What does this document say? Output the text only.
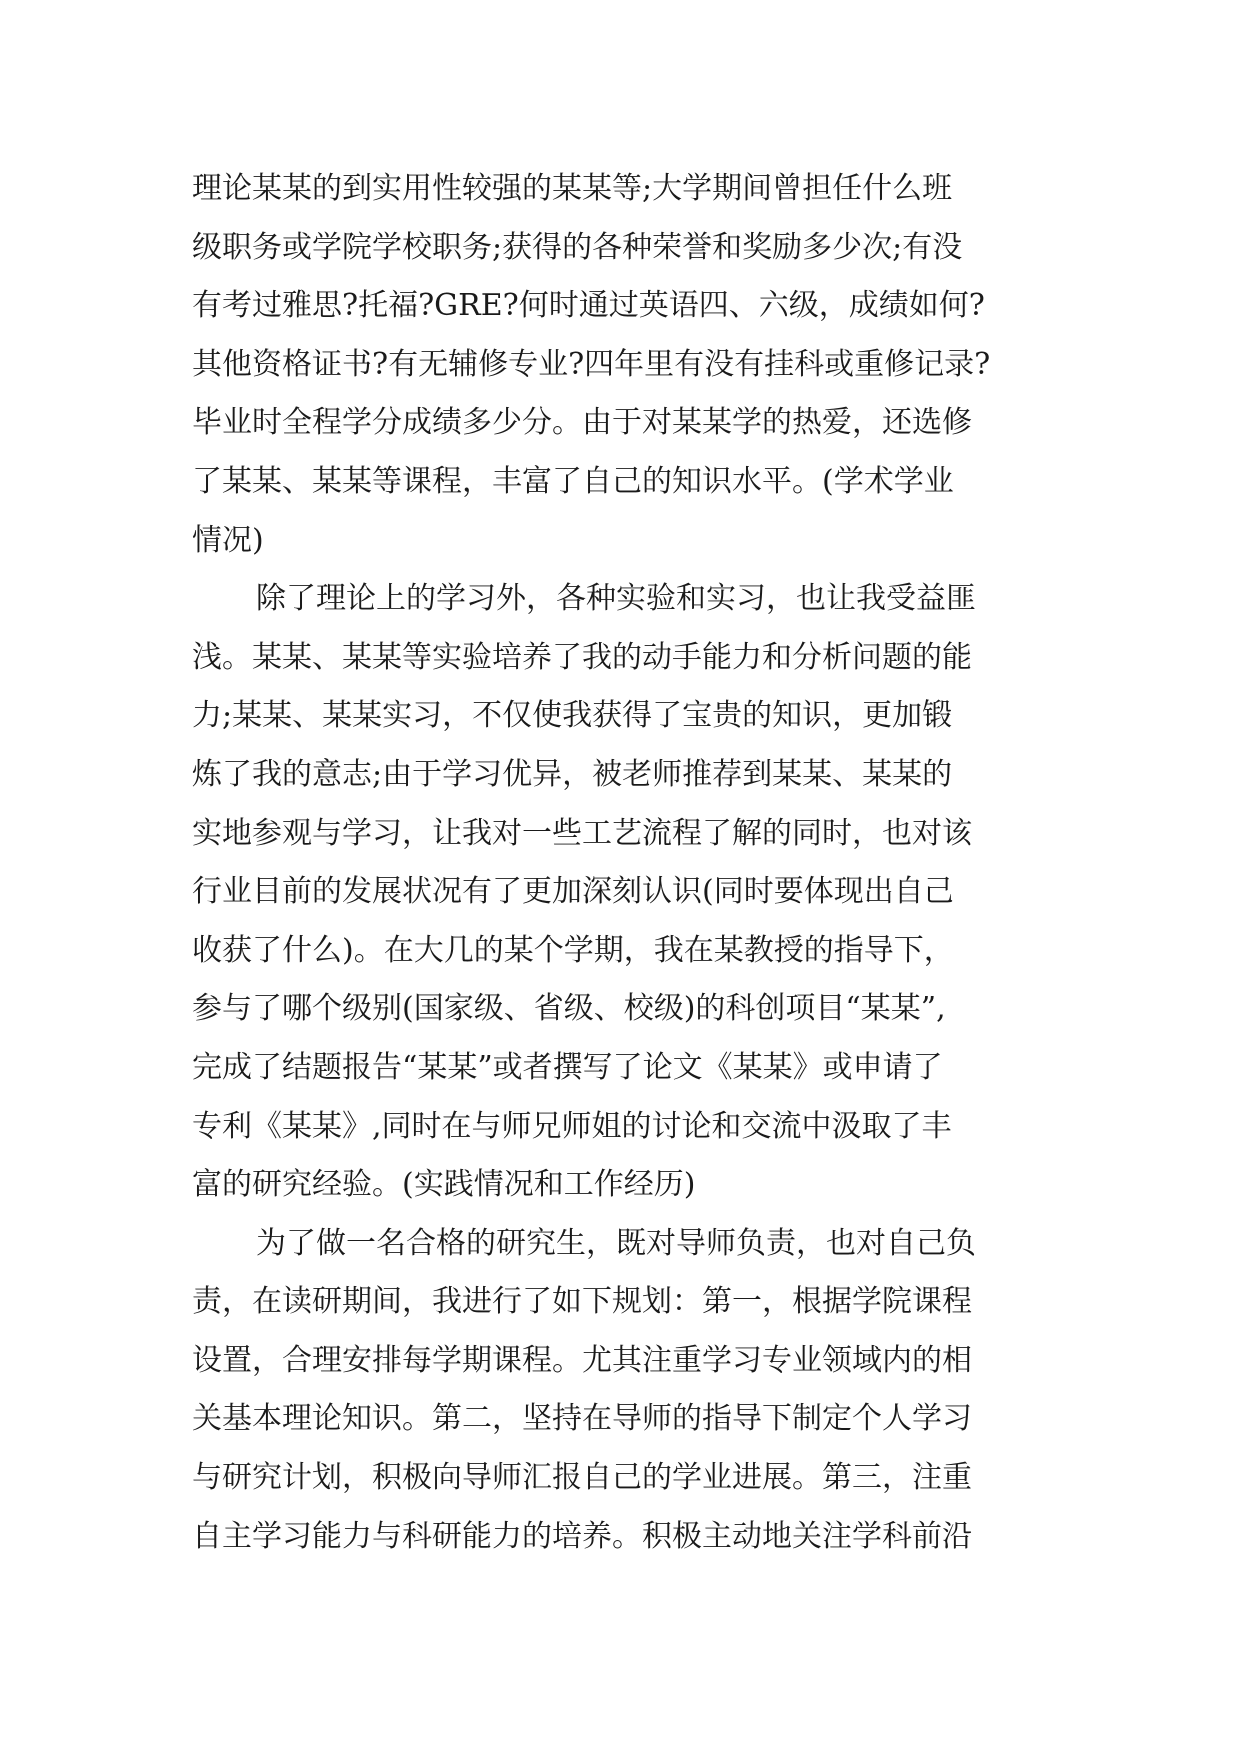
理论某某的到实用性较强的某某等;大学期间曾担任什么班
级职务或学院学校职务;获得的各种荣誉和奖励多少次;有没
有考过雅思?托福?GRE?何时通过英语四、六级，成绩如何?
其他资格证书?有无辅修专业?四年里有没有挂科或重修记录?
毕业时全程学分成绩多少分。由于对某某学的热爱，还选修
了某某、某某等课程，丰富了自己的知识水平。(学术学业
情况)
除了理论上的学习外，各种实验和实习，也让我受益匪
浅。某某、某某等实验培养了我的动手能力和分析问题的能
力;某某、某某实习，不仅使我获得了宝贵的知识，更加锻
炼了我的意志;由于学习优异，被老师推荐到某某、某某的
实地参观与学习，让我对一些工艺流程了解的同时，也对该
行业目前的发展状况有了更加深刻认识(同时要体现出自己
收获了什么)。在大几的某个学期，我在某教授的指导下，
参与了哪个级别(国家级、省级、校级)的科创项目“某某”,
完成了结题报告“某某”或者撰写了论文《某某》或申请了
专利《某某》,同时在与师兄师姐的讨论和交流中汲取了丰
富的研究经验。(实践情况和工作经历)
为了做一名合格的研究生，既对导师负责，也对自己负
责，在读研期间，我进行了如下规划：第一，根据学院课程
设置，合理安排每学期课程。尤其注重学习专业领域内的相
关基本理论知识。第二，坚持在导师的指导下制定个人学习
与研究计划，积极向导师汇报自己的学业进展。第三，注重
自主学习能力与科研能力的培养。积极主动地关注学科前沿
